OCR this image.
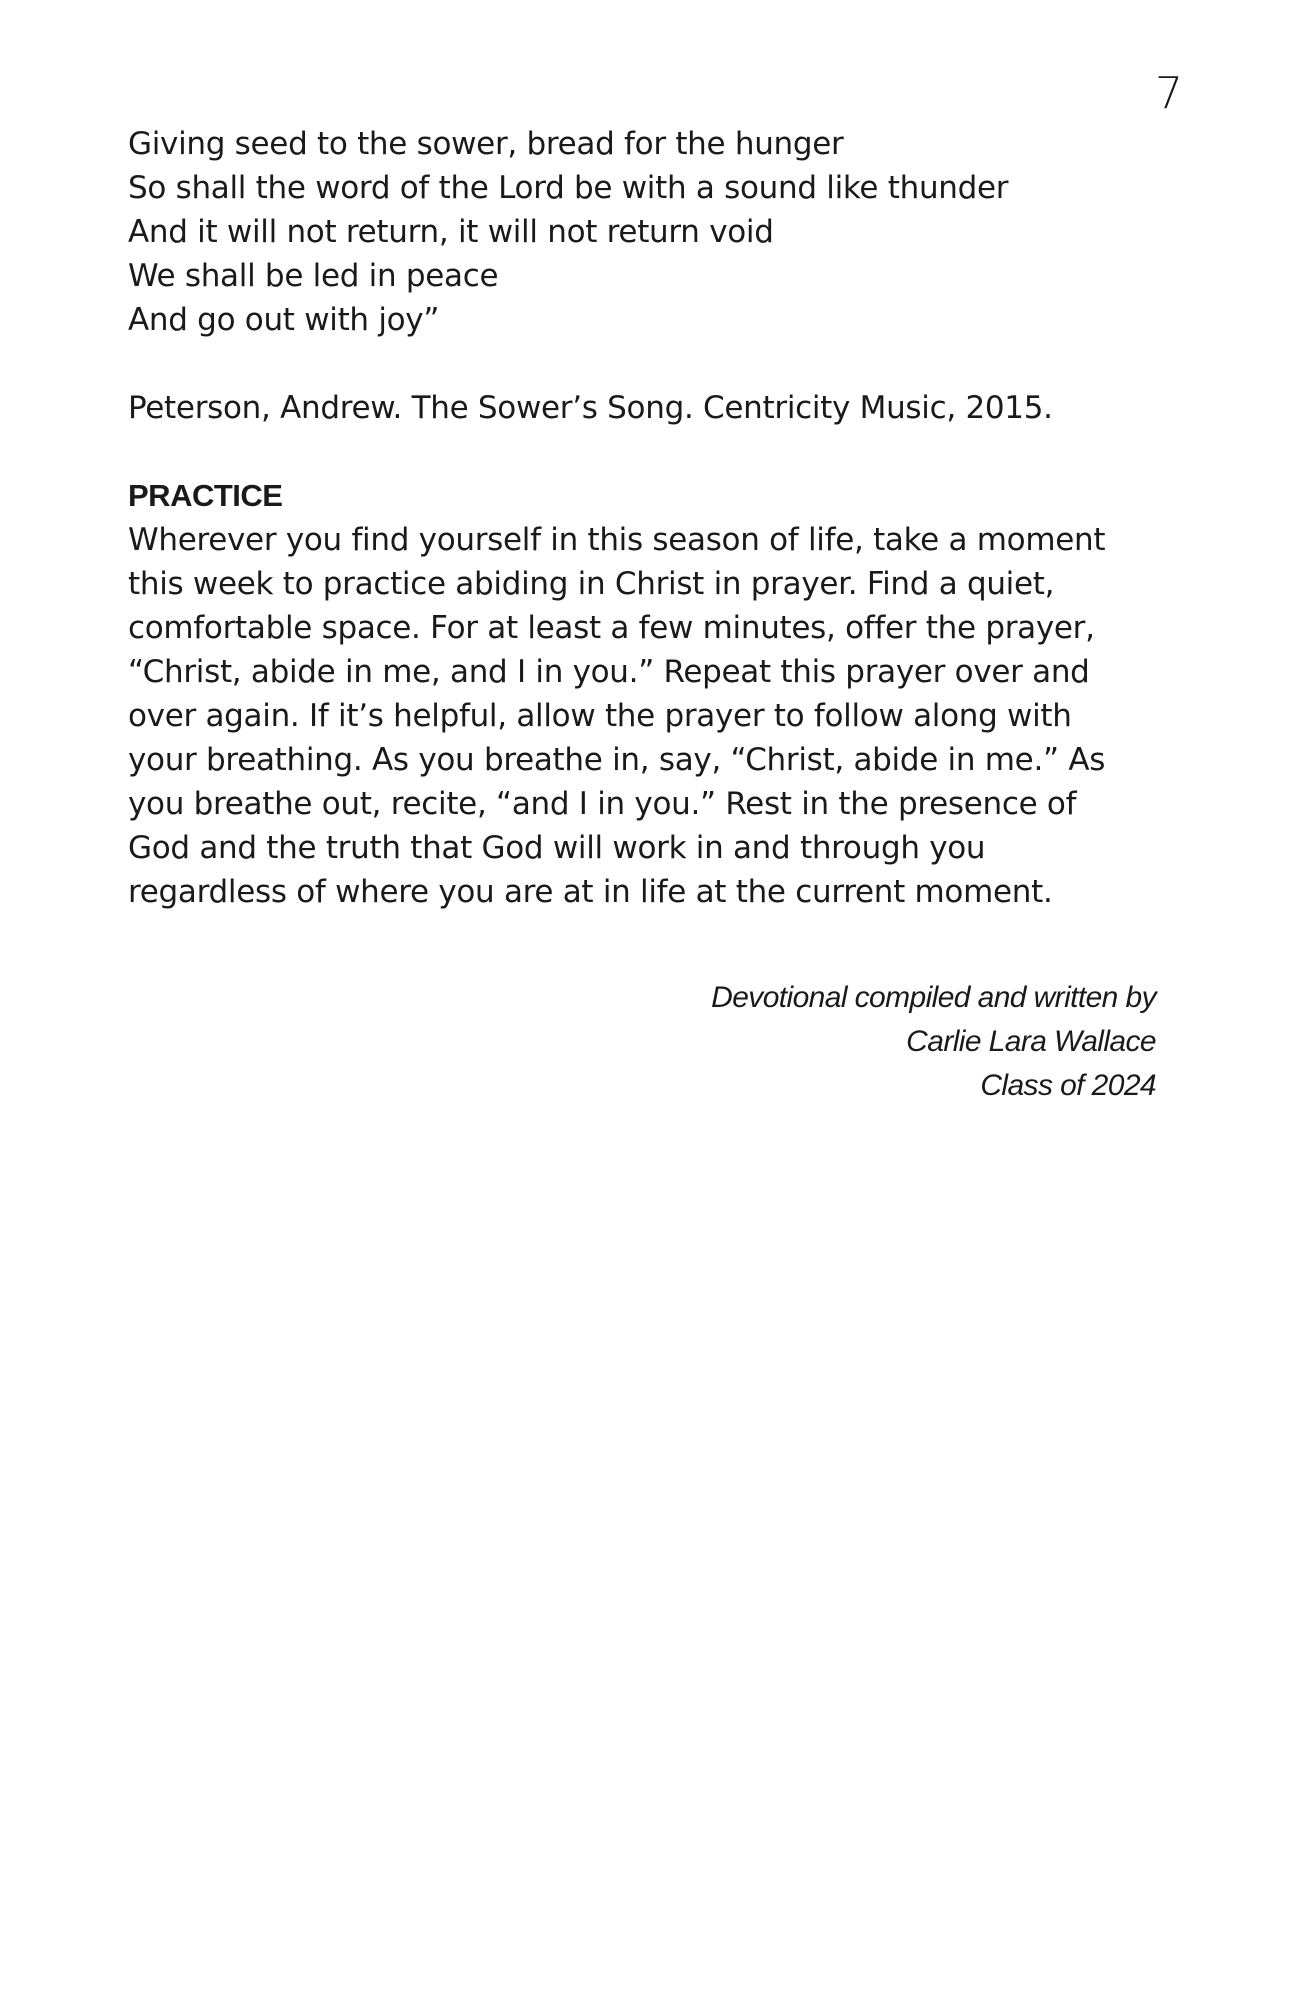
7

Giving seed to the sower, bread for the hunger
So shall the word of the Lord be with a sound like thunder
And it will not return, it will not return void
We shall be led in peace
And go out with joy”

Peterson, Andrew. The Sower’s Song. Centricity Music, 2015.

PRACTICE

Wherever you find yourself in this season of life, take a moment
this week to practice abiding in Christ in prayer. Find a quiet,
comfortable space. For at least a few minutes, offer the prayer,
“Christ, abide in me, and I in you.” Repeat this prayer over and
over again. If it’s helpful, allow the prayer to follow along with
your breathing. As you breathe in, say, “Christ, abide in me.” As
you breathe out, recite, “and I in you.” Rest in the presence of
God and the truth that God will work in and through you
regardless of where you are at in life at the current moment.

Devotional compiled and written by
Carlie Lara Wallace
Class of 2024
